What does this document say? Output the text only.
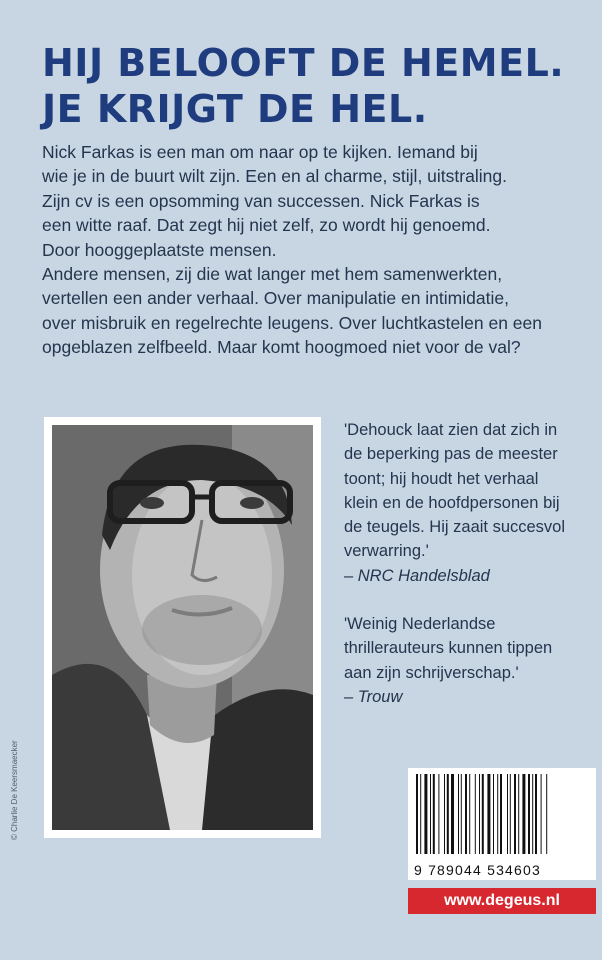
HIJ BELOOFT DE HEMEL.
JE KRIJGT DE HEL.
Nick Farkas is een man om naar op te kijken. Iemand bij
wie je in de buurt wilt zijn. Een en al charme, stijl, uitstraling.
Zijn cv is een opsomming van successen. Nick Farkas is
een witte raaf. Dat zegt hij niet zelf, zo wordt hij genoemd.
Door hooggeplaatste mensen.
Andere mensen, zij die wat langer met hem samenwerkten,
vertellen een ander verhaal. Over manipulatie en intimidatie,
over misbruik en regelrechte leugens. Over luchtkastelen en een
opgeblazen zelfbeeld. Maar komt hoogmoed niet voor de val?
© Charlie De Keersmaecker
'Dehouck laat zien dat zich in
de beperking pas de meester
toont; hij houdt het verhaal
klein en de hoofdpersonen bij
de teugels. Hij zaait succesvol
verwarring.'
– NRC Handelsblad
'Weinig Nederlandse
thrillerauteurs kunnen tippen
aan zijn schrijverschap.'
– Trouw
9 789044 534603
www.degeus.nl
